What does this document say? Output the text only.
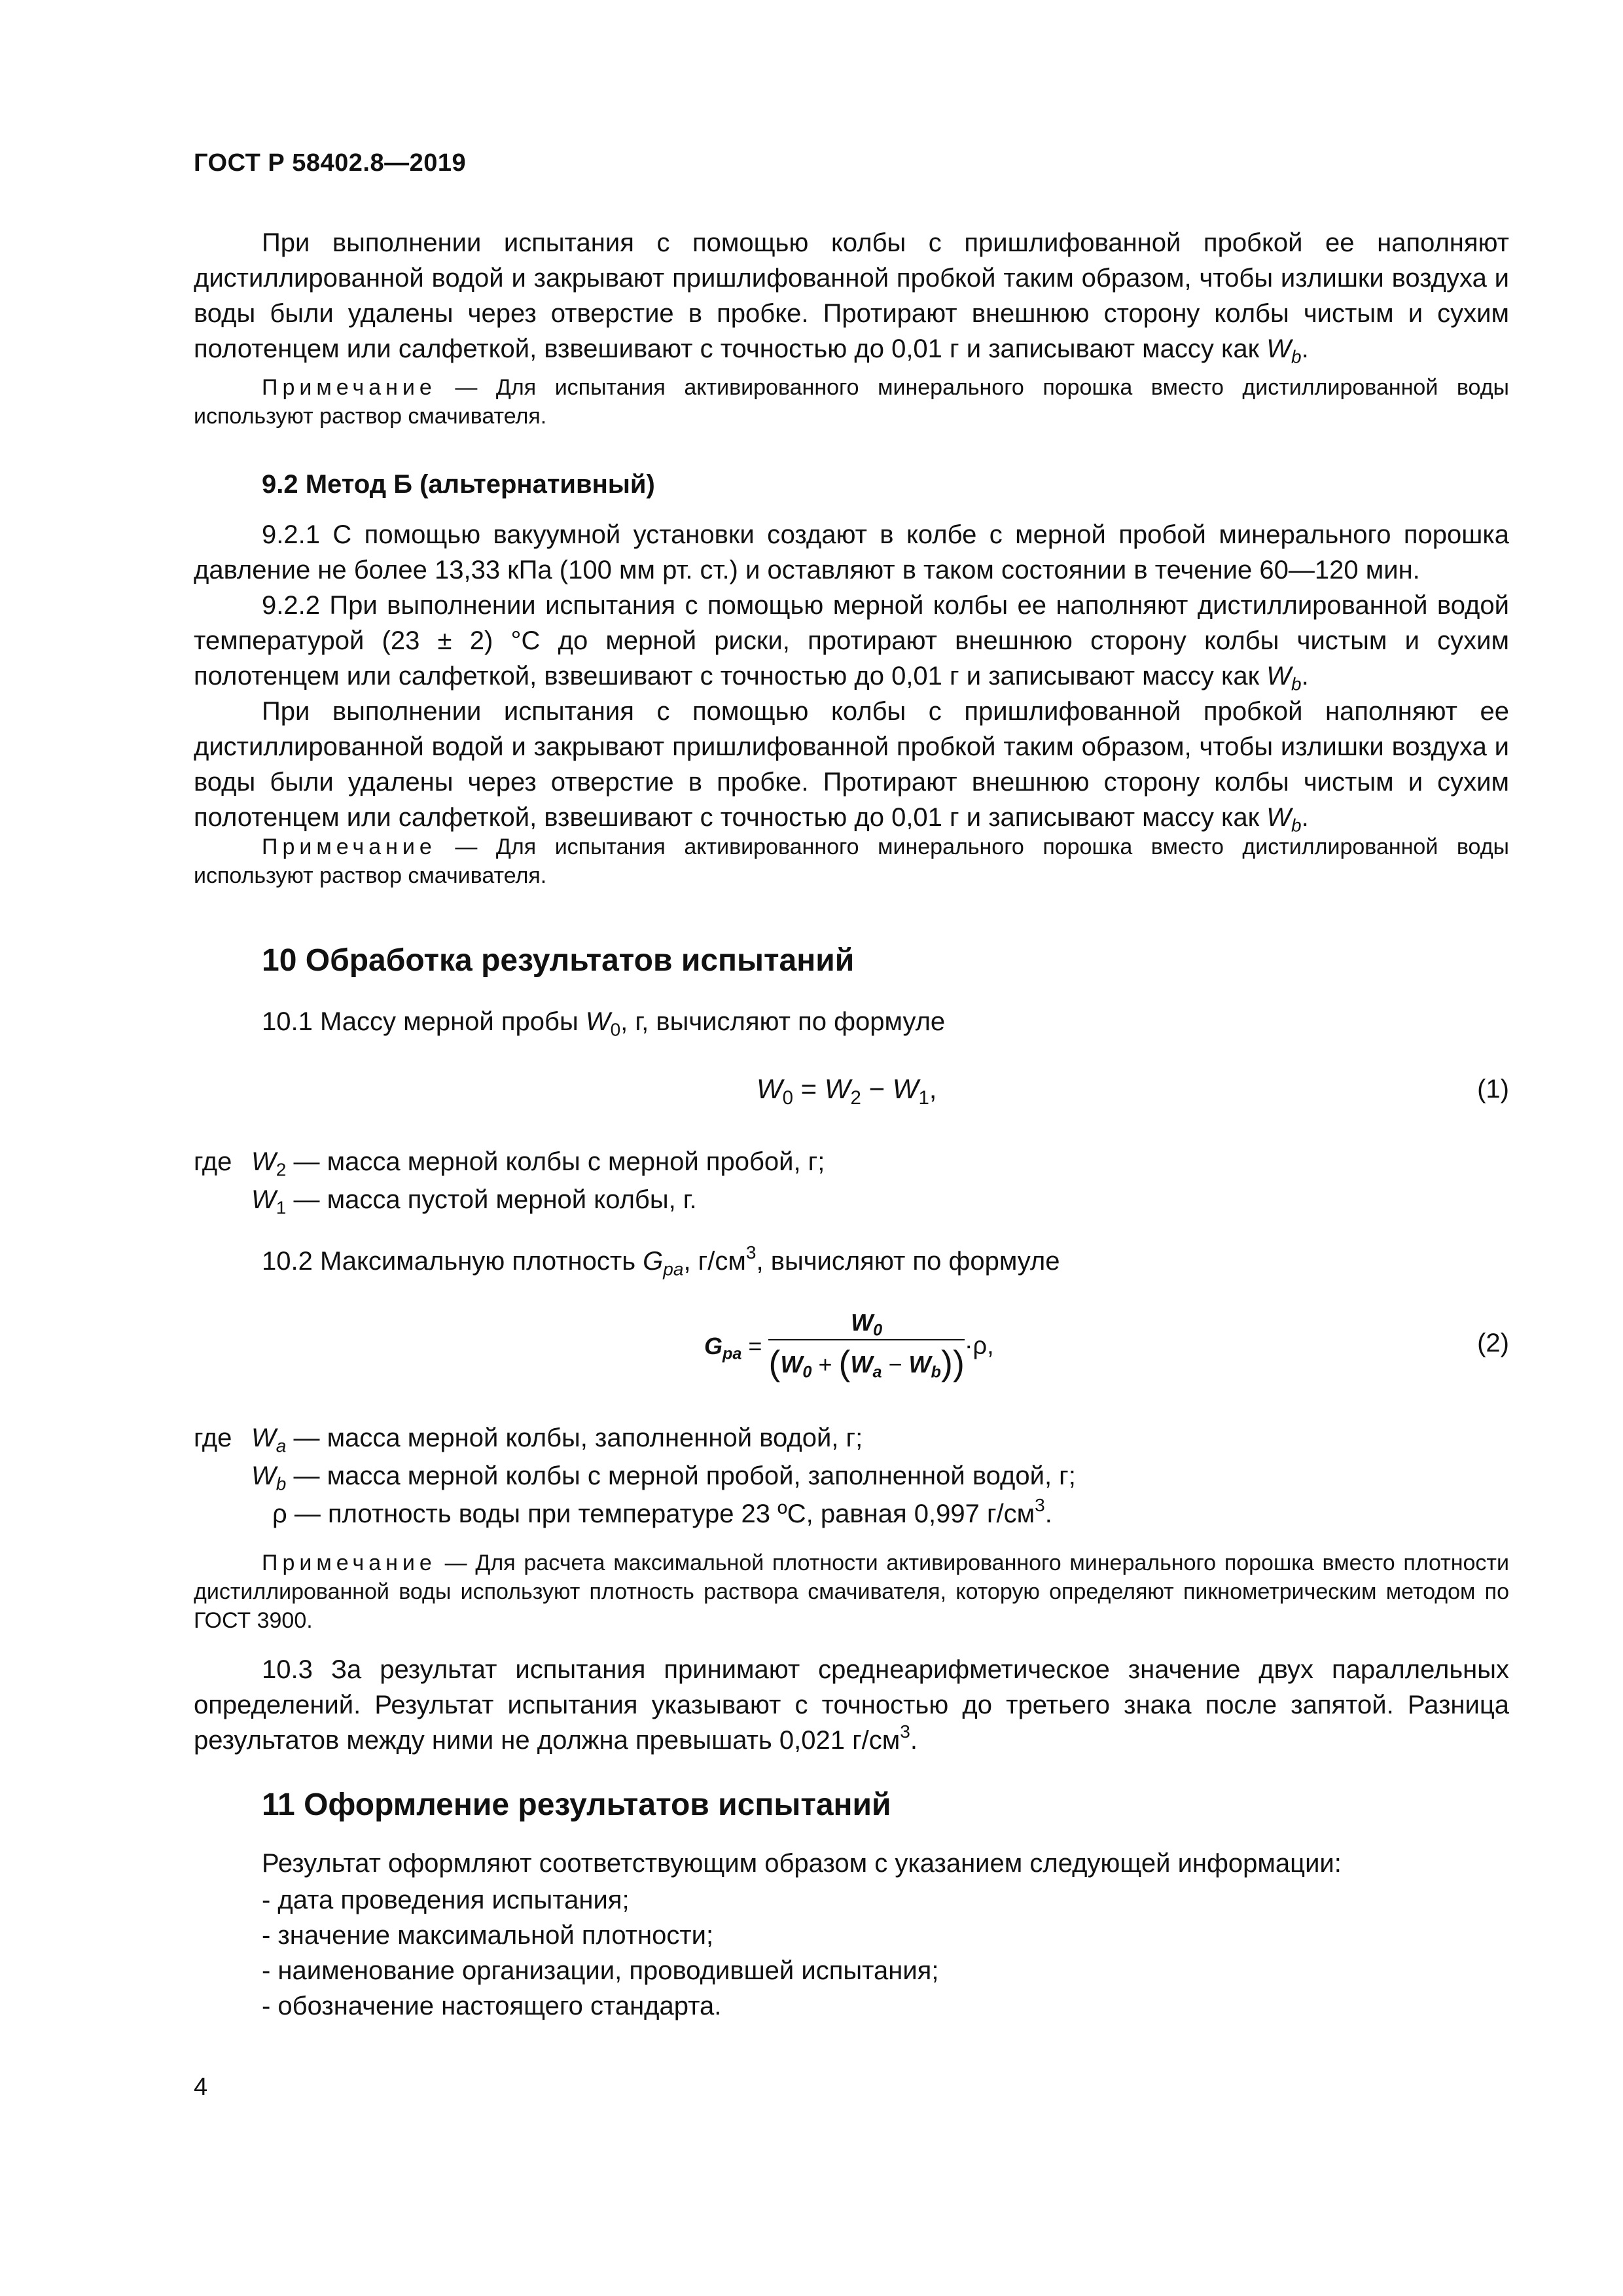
ГОСТ Р 58402.8—2019

При выполнении испытания с помощью колбы с пришлифованной пробкой ее наполняют дистиллированной водой и закрывают пришлифованной пробкой таким образом, чтобы излишки воздуха и воды были удалены через отверстие в пробке. Протирают внешнюю сторону колбы чистым и сухим полотенцем или салфеткой, взвешивают с точностью до 0,01 г и записывают массу как $W_b$.

Примечание — Для испытания активированного минерального порошка вместо дистиллированной воды используют раствор смачивателя.

9.2 Метод Б (альтернативный)

9.2.1 С помощью вакуумной установки создают в колбе с мерной пробой минерального порошка давление не более 13,33 кПа (100 мм рт. ст.) и оставляют в таком состоянии в течение 60—120 мин.

9.2.2 При выполнении испытания с помощью мерной колбы ее наполняют дистиллированной водой температурой (23 ± 2) °С до мерной риски, протирают внешнюю сторону колбы чистым и сухим полотенцем или салфеткой, взвешивают с точностью до 0,01 г и записывают массу как $W_b$.

При выполнении испытания с помощью колбы с пришлифованной пробкой наполняют ее дистиллированной водой и закрывают пришлифованной пробкой таким образом, чтобы излишки воздуха и воды были удалены через отверстие в пробке. Протирают внешнюю сторону колбы чистым и сухим полотенцем или салфеткой, взвешивают с точностью до 0,01 г и записывают массу как $W_b$.

Примечание — Для испытания активированного минерального порошка вместо дистиллированной воды используют раствор смачивателя.

10 Обработка результатов испытаний

10.1 Массу мерной пробы $W_0$, г, вычисляют по формуле

$W_0 = W_2 - W_1$,	(1)
где $W_2$ — масса мерной колбы с мерной пробой, г;
$W_1$ — масса пустой мерной колбы, г.

10.2 Максимальную плотность $G_{pa}$, $г/см^3$, вычисляют по формуле

$G_{pa} = \frac{W_0}{(W_0 + (W_a - W_b))} \cdot\rho$,	(2)
где $W_a$ — масса мерной колбы, заполненной водой, г;
$W_b$ — масса мерной колбы с мерной пробой, заполненной водой, г;
ρ — плотность воды при температуре 23 ºС, равная 0,997 $г/см^3$.

Примечание — Для расчета максимальной плотности активированного минерального порошка вместо плотности дистиллированной воды используют плотность раствора смачивателя, которую определяют пикнометрическим методом по ГОСТ 3900.

10.3 За результат испытания принимают среднеарифметическое значение двух параллельных определений. Результат испытания указывают с точностью до третьего знака после запятой. Разница результатов между ними не должна превышать 0,021 $г/см^3$.

11 Оформление результатов испытаний
Результат оформляют соответствующим образом с указанием следующей информации:
- дата проведения испытания;
- значение максимальной плотности;
- наименование организации, проводившей испытания;
- обозначение настоящего стандарта.
4
